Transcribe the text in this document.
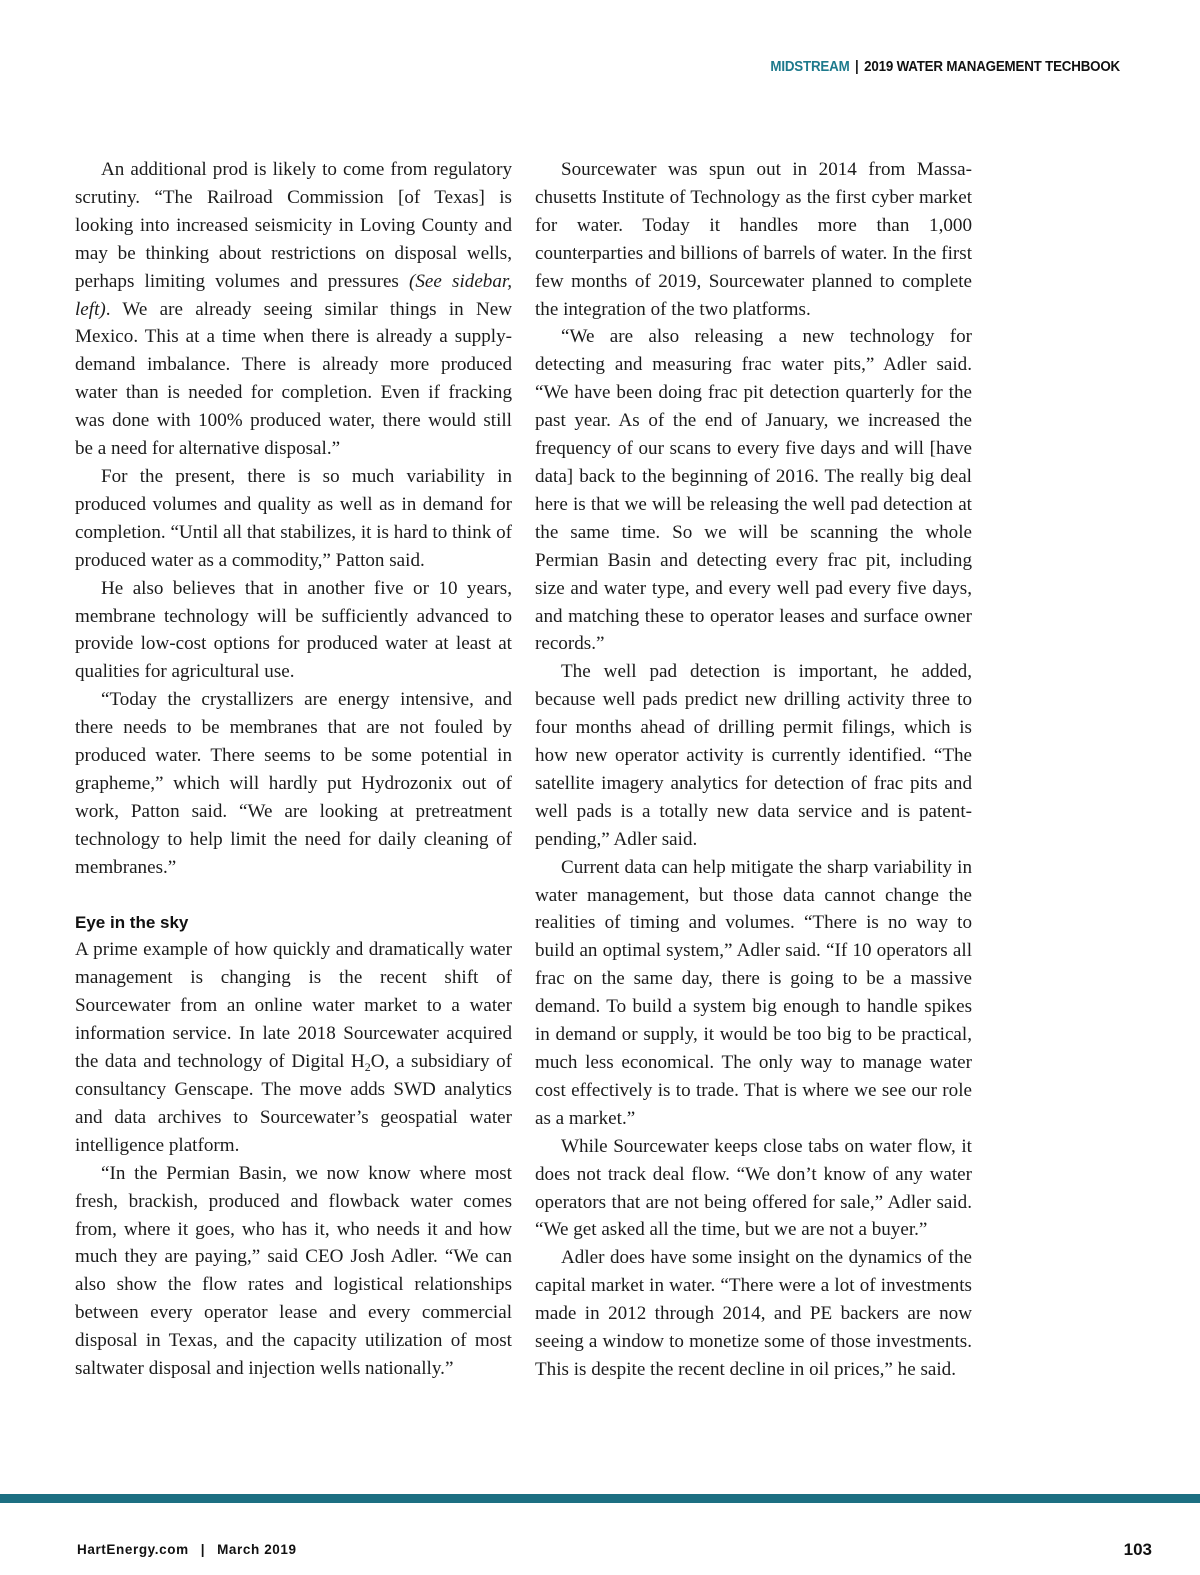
MIDSTREAM | 2019 WATER MANAGEMENT TECHBOOK

An additional prod is likely to come from regulatory scrutiny. “The Railroad Commission [of Texas] is looking into increased seismicity in Loving County and may be thinking about restrictions on disposal wells, perhaps limiting volumes and pressures (See sidebar, left). We are already seeing similar things in New Mexico. This at a time when there is already a supply-demand imbalance. There is already more produced water than is needed for completion. Even if fracking was done with 100% produced water, there would still be a need for alternative disposal.”

For the present, there is so much variability in produced volumes and quality as well as in demand for completion. “Until all that stabilizes, it is hard to think of produced water as a commodity,” Patton said.

He also believes that in another five or 10 years, membrane technology will be sufficiently advanced to provide low-cost options for produced water at least at qualities for agricultural use.

“Today the crystallizers are energy intensive, and there needs to be membranes that are not fouled by produced water. There seems to be some potential in grapheme,” which will hardly put Hydrozonix out of work, Patton said. “We are looking at pretreatment technology to help limit the need for daily cleaning of membranes.”

Eye in the sky

A prime example of how quickly and dramatically water management is changing is the recent shift of Sourcewater from an online water market to a water information service. In late 2018 Sourcewater acquired the data and technology of Digital $H_2O$, a subsidiary of consultancy Genscape. The move adds SWD analytics and data archives to Sourcewater’s geospatial water intelligence platform.

“In the Permian Basin, we now know where most fresh, brackish, produced and flowback water comes from, where it goes, who has it, who needs it and how much they are paying,” said CEO Josh Adler. “We can also show the flow rates and logistical relationships between every operator lease and every commercial disposal in Texas, and the capacity utilization of most saltwater disposal and injection wells nationally.”

Sourcewater was spun out in 2014 from Massachusetts Institute of Technology as the first cyber market for water. Today it handles more than 1,000 counterparties and billions of barrels of water. In the first few months of 2019, Sourcewater planned to complete the integration of the two platforms.

“We are also releasing a new technology for detecting and measuring frac water pits,” Adler said. “We have been doing frac pit detection quarterly for the past year. As of the end of January, we increased the frequency of our scans to every five days and will [have data] back to the beginning of 2016. The really big deal here is that we will be releasing the well pad detection at the same time. So we will be scanning the whole Permian Basin and detecting every frac pit, including size and water type, and every well pad every five days, and matching these to operator leases and surface owner records.”

The well pad detection is important, he added, because well pads predict new drilling activity three to four months ahead of drilling permit filings, which is how new operator activity is currently identified. “The satellite imagery analytics for detection of frac pits and well pads is a totally new data service and is patent-pending,” Adler said.

Current data can help mitigate the sharp variability in water management, but those data cannot change the realities of timing and volumes. “There is no way to build an optimal system,” Adler said. “If 10 operators all frac on the same day, there is going to be a massive demand. To build a system big enough to handle spikes in demand or supply, it would be too big to be practical, much less economical. The only way to manage water cost effectively is to trade. That is where we see our role as a market.”

While Sourcewater keeps close tabs on water flow, it does not track deal flow. “We don’t know of any water operators that are not being offered for sale,” Adler said. “We get asked all the time, but we are not a buyer.”

Adler does have some insight on the dynamics of the capital market in water. “There were a lot of investments made in 2012 through 2014, and PE backers are now seeing a window to monetize some of those investments. This is despite the recent decline in oil prices,” he said.

HartEnergy.com | March 2019	103
